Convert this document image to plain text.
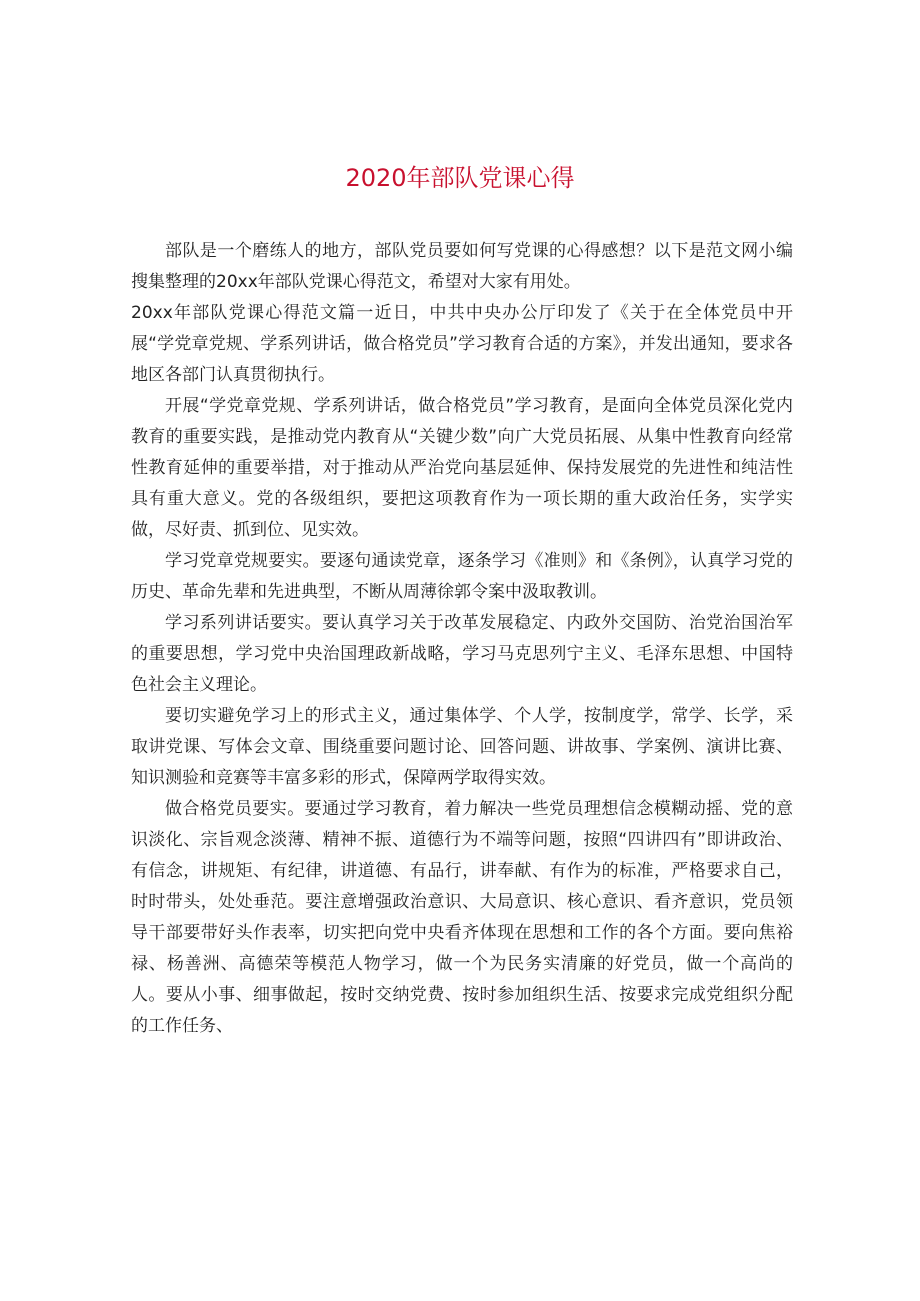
2020年部队党课心得

部队是一个磨练人的地方，部队党员要如何写党课的心得感想？以下是范文网小编搜集整理的20xx年部队党课心得范文，希望对大家有用处。

20xx年部队党课心得范文篇一近日，中共中央办公厅印发了《关于在全体党员中开展“学党章党规、学系列讲话，做合格党员”学习教育合适的方案》，并发出通知，要求各地区各部门认真贯彻执行。

开展“学党章党规、学系列讲话，做合格党员”学习教育，是面向全体党员深化党内教育的重要实践，是推动党内教育从“关键少数”向广大党员拓展、从集中性教育向经常性教育延伸的重要举措，对于推动从严治党向基层延伸、保持发展党的先进性和纯洁性具有重大意义。党的各级组织，要把这项教育作为一项长期的重大政治任务，实学实做，尽好责、抓到位、见实效。

学习党章党规要实。要逐句通读党章，逐条学习《准则》和《条例》，认真学习党的历史、革命先辈和先进典型，不断从周薄徐郭令案中汲取教训。

学习系列讲话要实。要认真学习关于改革发展稳定、内政外交国防、治党治国治军的重要思想，学习党中央治国理政新战略，学习马克思列宁主义、毛泽东思想、中国特色社会主义理论。

要切实避免学习上的形式主义，通过集体学、个人学，按制度学，常学、长学，采取讲党课、写体会文章、围绕重要问题讨论、回答问题、讲故事、学案例、演讲比赛、知识测验和竞赛等丰富多彩的形式，保障两学取得实效。

做合格党员要实。要通过学习教育，着力解决一些党员理想信念模糊动摇、党的意识淡化、宗旨观念淡薄、精神不振、道德行为不端等问题，按照“四讲四有”即讲政治、有信念，讲规矩、有纪律，讲道德、有品行，讲奉献、有作为的标准，严格要求自己，时时带头，处处垂范。要注意增强政治意识、大局意识、核心意识、看齐意识，党员领导干部要带好头作表率，切实把向党中央看齐体现在思想和工作的各个方面。要向焦裕禄、杨善洲、高德荣等模范人物学习，做一个为民务实清廉的好党员，做一个高尚的人。要从小事、细事做起，按时交纳党费、按时参加组织生活、按要求完成党组织分配的工作任务、
